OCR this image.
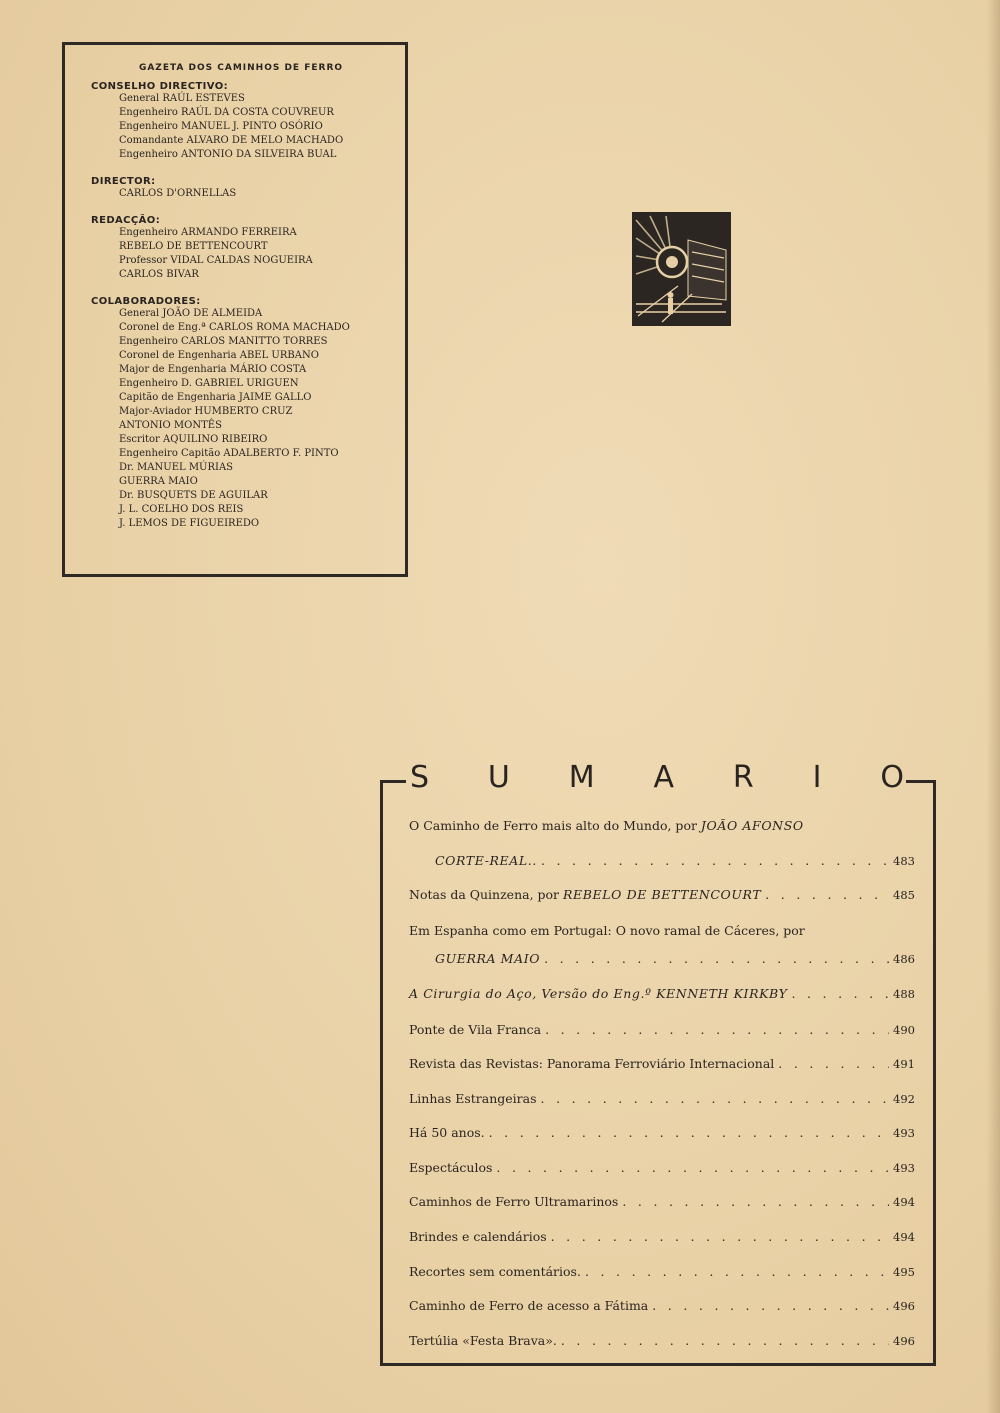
GAZETA DOS CAMINHOS DE FERRO
CONSELHO DIRECTIVO:
General RAÚL ESTEVES
Engenheiro RAÚL DA COSTA COUVREUR
Engenheiro MANUEL J. PINTO OSÓRIO
Comandante ALVARO DE MELO MACHADO
Engenheiro ANTONIO DA SILVEIRA BUAL
DIRECTOR:
CARLOS D'ORNELLAS
REDACÇÃO:
Engenheiro ARMANDO FERREIRA
REBELO DE BETTENCOURT
Professor VIDAL CALDAS NOGUEIRA
CARLOS BIVAR
COLABORADORES:
General JOÃO DE ALMEIDA
Coronel de Eng.ª CARLOS ROMA MACHADO
Engenheiro CARLOS MANITTO TORRES
Coronel de Engenharia ABEL URBANO
Major de Engenharia MÁRIO COSTA
Engenheiro D. GABRIEL URIGUEN
Capitão de Engenharia JAIME GALLO
Major-Aviador HUMBERTO CRUZ
ANTONIO MONTÊS
Escritor AQUILINO RIBEIRO
Engenheiro Capitão ADALBERTO F. PINTO
Dr. MANUEL MÚRIAS
GUERRA MAIO
Dr. BUSQUETS DE AGUILAR
J. L. COELHO DOS REIS
J. LEMOS DE FIGUEIREDO
S U M A R I O
O Caminho de Ferro mais alto do Mundo, por JOÃO AFONSO
CORTE-REAL.. . . .	483
Notas da Quinzena, por REBELO DE BETTENCOURT . . .	485
Em Espanha como em Portugal: O novo ramal de Cáceres, por
GUERRA MAIO . . .	486
A Cirurgia do Aço, Versão do Eng.º KENNETH KIRKBY . . .	488
Ponte de Vila Franca . . .	490
Revista das Revistas: Panorama Ferroviário Internacional . . .	491
Linhas Estrangeiras . . .	492
Há 50 anos. . . .	493
Espectáculos . . .	493
Caminhos de Ferro Ultramarinos . . .	494
Brindes e calendários . . .	494
Recortes sem comentários. . . .	495
Caminho de Ferro de acesso a Fátima . . .	496
Tertúlia «Festa Brava». . . .	496
